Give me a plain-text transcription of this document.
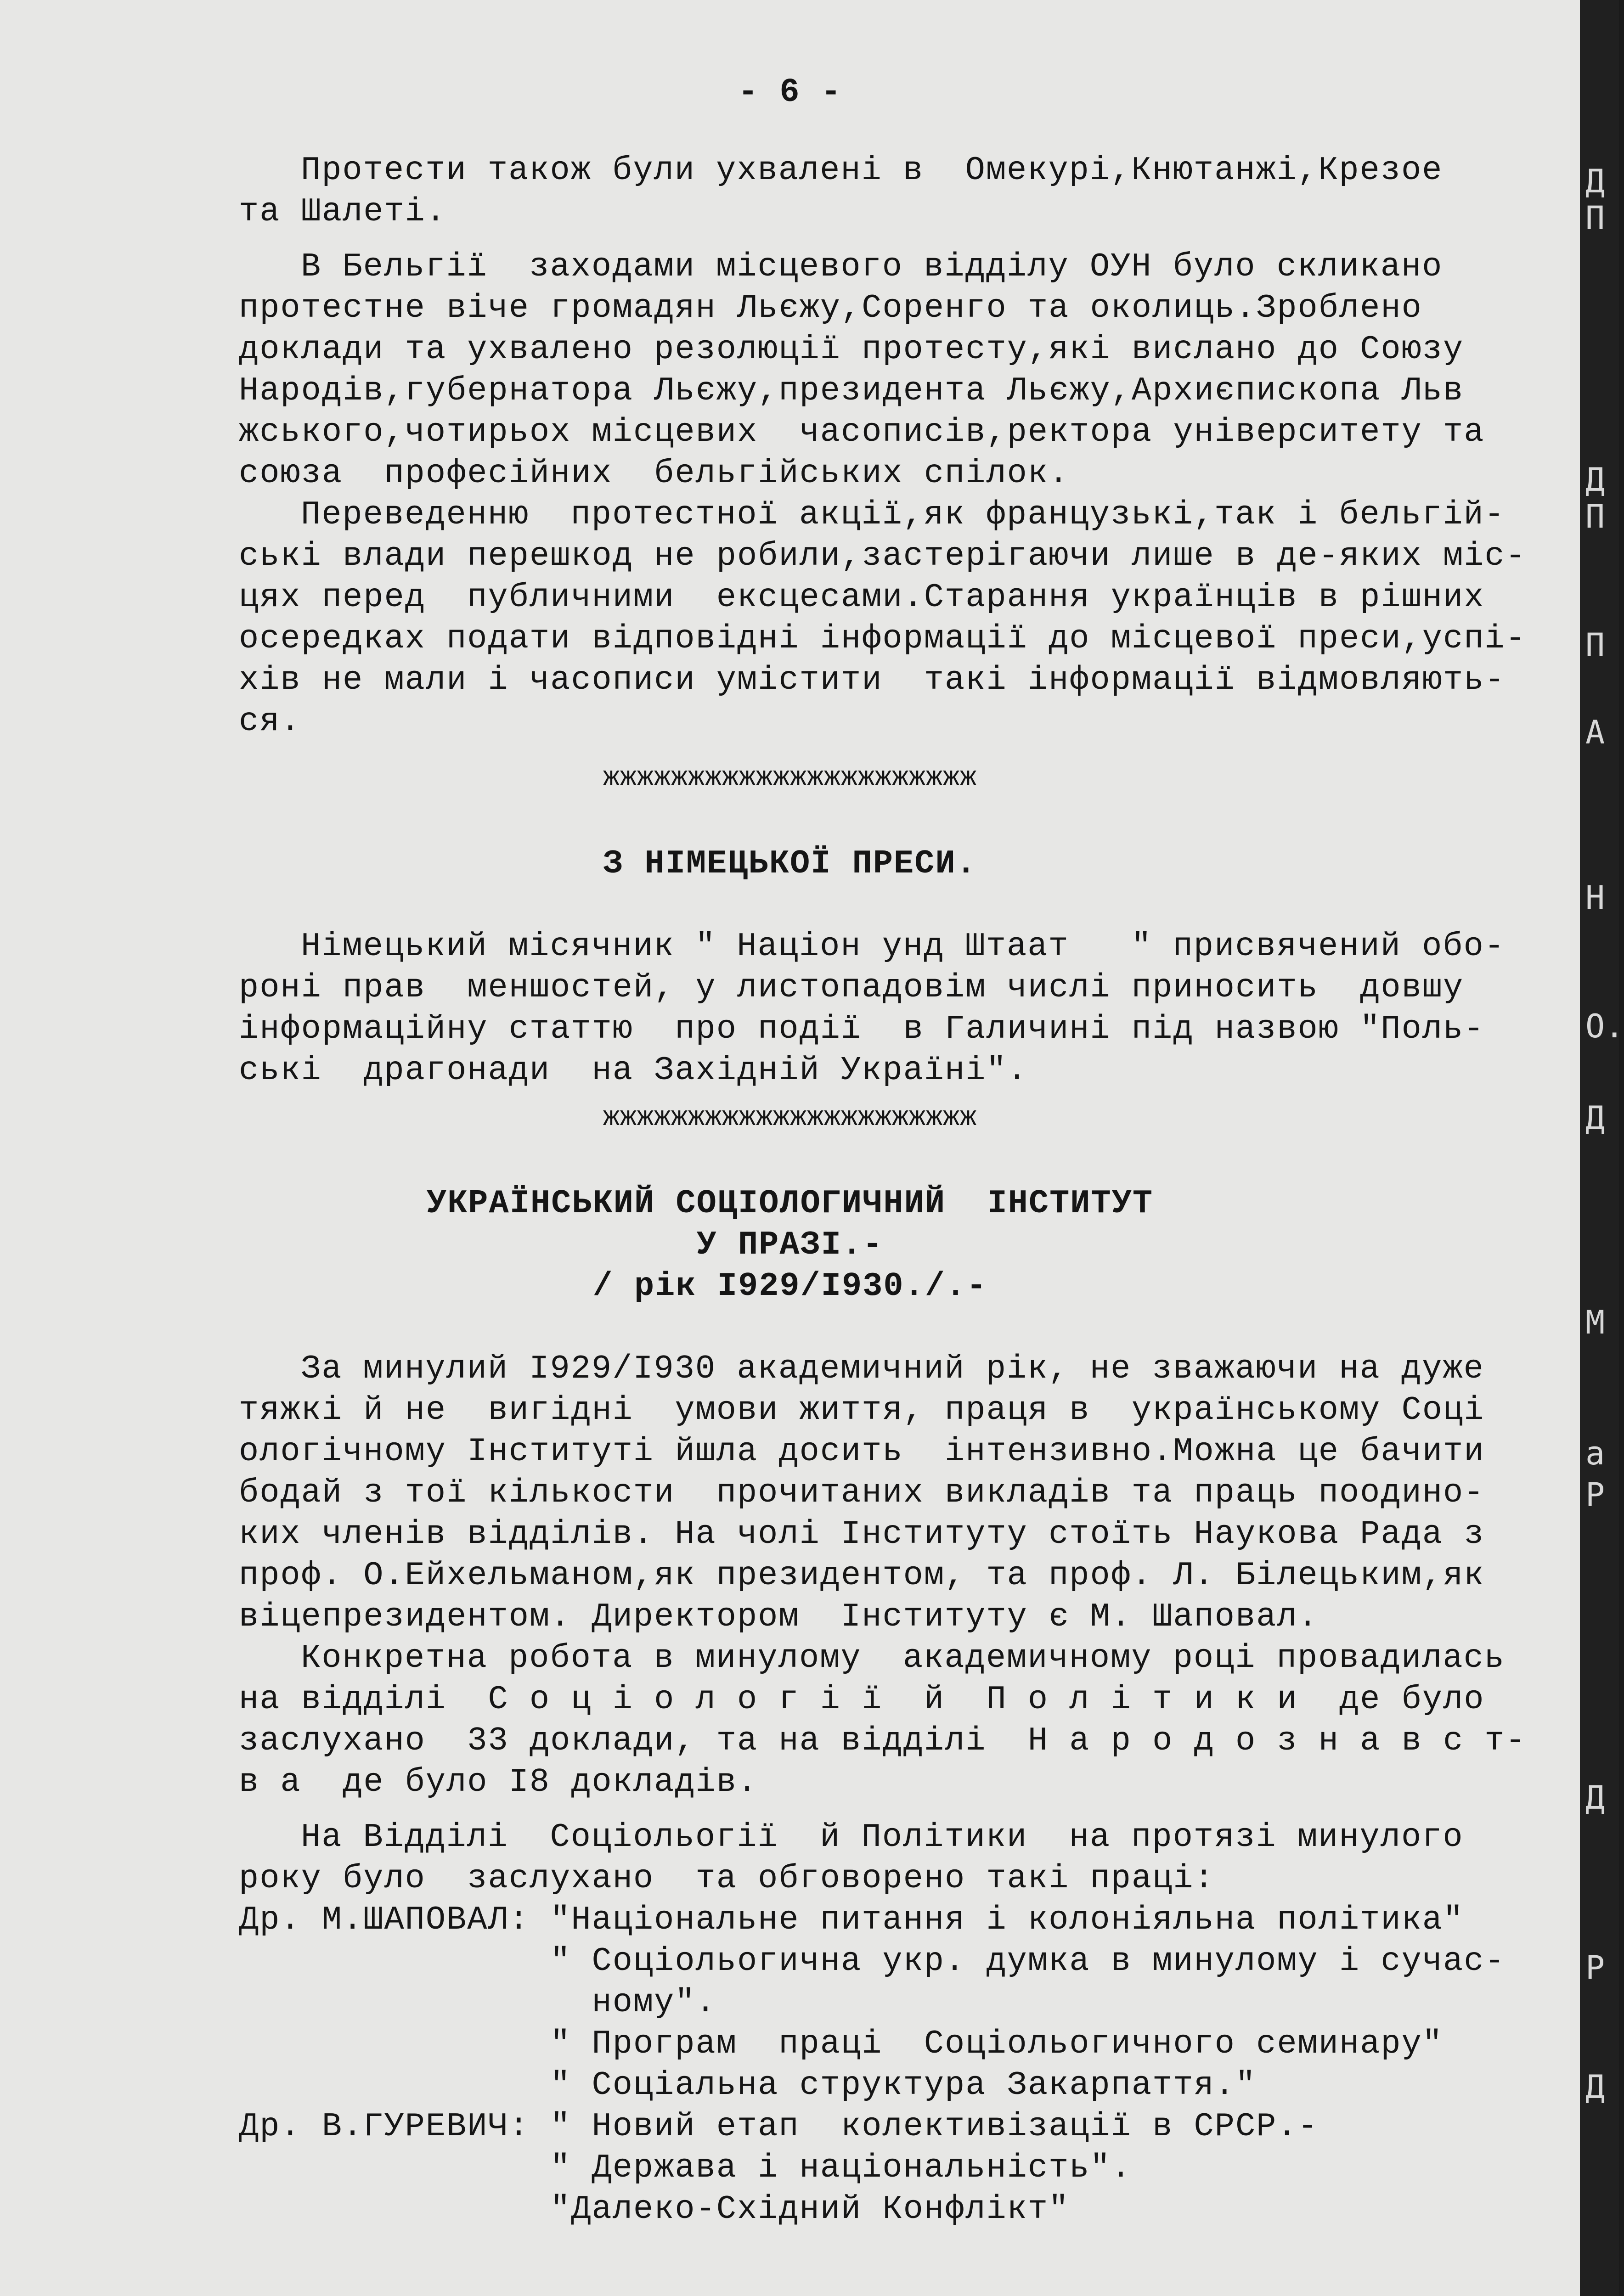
- 6 -
Протести також були ухвалені в  Омекурі,Кнютанжі,Крезое
та Шалеті.
В Бельгії  заходами місцевого відділу ОУН було скликано
протестне віче громадян Льєжу,Соренго та околиць.Зроблено
доклади та ухвалено резолюції протесту,які вислано до Союзу
Народів,губернатора Льєжу,президента Льєжу,Архиєпископа Льв
жського,чотирьох місцевих  часописів,ректора університету та
союза  професійних  бельгійських спілок.
Переведенню  протестної акції,як французькі,так і бельгій-
ські влади перешкод не робили,застерігаючи лише в де-яких міс-
цях перед  публичними  ексцесами.Старання українців в рішних
осередках подати відповідні інформації до місцевої преси,успі-
хів не мали і часописи умістити  такі інформації відмовляють-
ся.
жжжжжжжжжжжжжжжжжжжжжж
З НІМЕЦЬКОЇ ПРЕСИ.
Німецький місячник " Націон унд Штаат   " присвячений обо-
роні прав  меншостей, у листопадовім числі приносить  довшу
інформаційну статтю  про події  в Галичині під назвою "Поль-
ські  драгонади  на Західній Україні".
жжжжжжжжжжжжжжжжжжжжжж
УКРАЇНСЬКИЙ СОЦІОЛОГИЧНИЙ  ІНСТИТУТ
У ПРАЗІ.-
/ рік І929/І930./.-
За минулий І929/І930 академичний рік, не зважаючи на дуже
тяжкі й не  вигідні  умови життя, праця в  українському Соці
ологічному Інституті йшла досить  інтензивно.Можна це бачити
бодай з тої кількости  прочитаних викладів та праць поодино-
ких членів відділів. На чолі Інституту стоїть Наукова Рада з
проф. О.Ейхельманом,як президентом, та проф. Л. Білецьким,як
віцепрезидентом. Директором  Інституту є М. Шаповал.
Конкретна робота в минулому  академичному році провадилась
на відділі  С о ц і о л о г і ї  й  П о л і т и к и  де було
заслухано  33 доклади, та на відділі  Н а р о д о з н а в с т-
в а  де було І8 докладів.
На Відділі  Соціольогії  й Політики  на протязі минулого
року було  заслухано  та обговорено такі праці:
Др. М.ШАПОВАЛ: "Національне питання і колоніяльна політика"
" Соціольогична укр. думка в минулому і сучас-
ному".
" Програм  праці  Соціольогичного семинару"
" Соціальна структура Закарпаття."
Др. В.ГУРЕВИЧ: " Новий етап  колективізації в СРСР.-
" Держава і національність".
"Далеко-Східний Конфлікт"
Д
П
Д
П
П
А
Н
О.
Д
М
а
Р
Д
Р
Д
